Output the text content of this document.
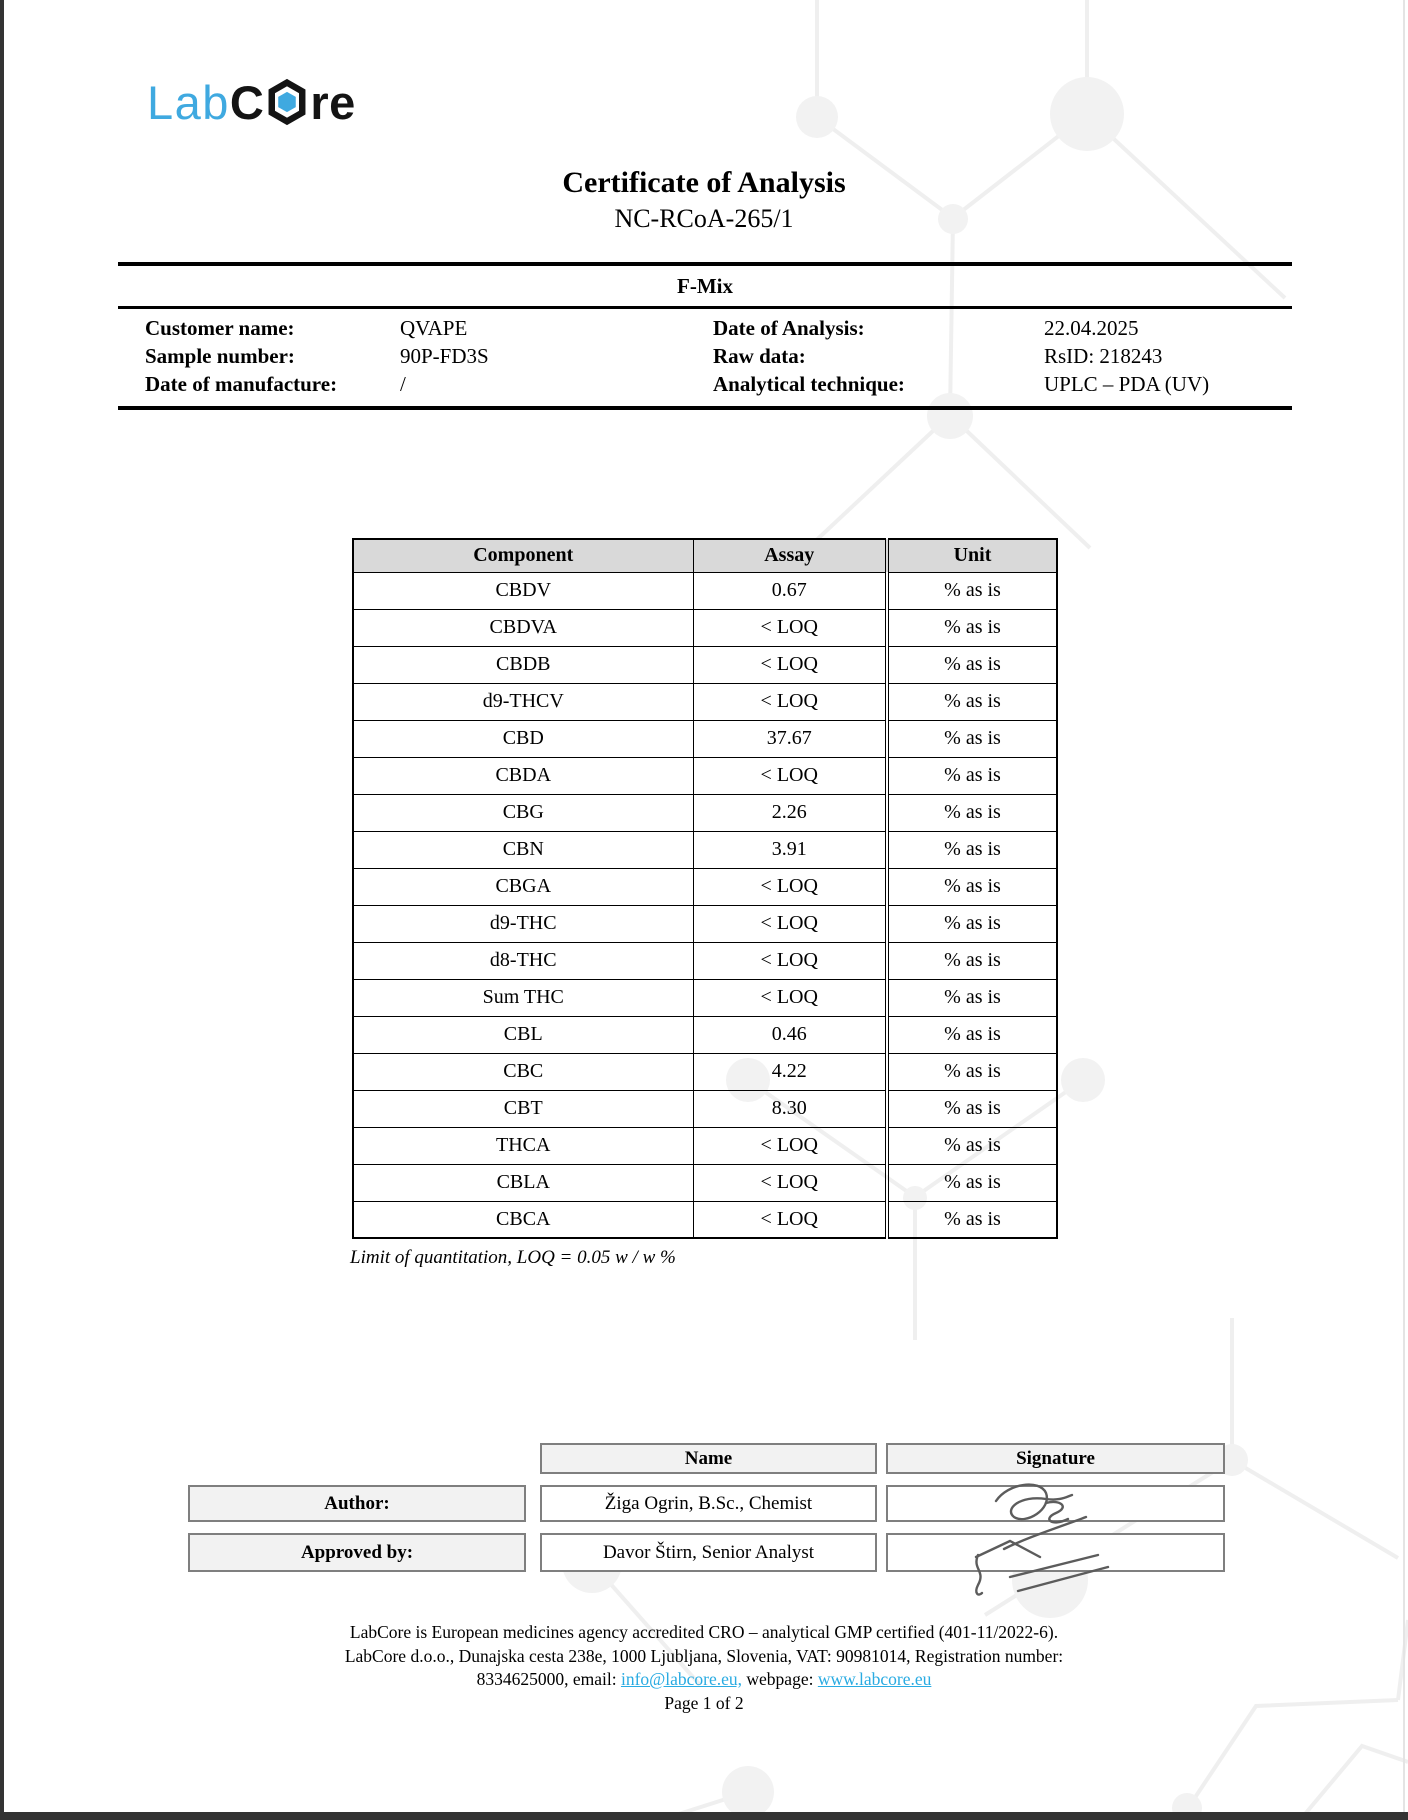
Lab C re
Certificate of Analysis
NC-RCoA-265/1
F-Mix
Customer name:	QVAPE	Date of Analysis:	22.04.2025
Sample number:	90P-FD3S	Raw data:	RsID: 218243
Date of manufacture:	/	Analytical technique:	UPLC – PDA (UV)
Component	Assay	Unit
CBDV	0.67	% as is
CBDVA	< LOQ	% as is
CBDB	< LOQ	% as is
d9-THCV	< LOQ	% as is
CBD	37.67	% as is
CBDA	< LOQ	% as is
CBG	2.26	% as is
CBN	3.91	% as is
CBGA	< LOQ	% as is
d9-THC	< LOQ	% as is
d8-THC	< LOQ	% as is
Sum THC	< LOQ	% as is
CBL	0.46	% as is
CBC	4.22	% as is
CBT	8.30	% as is
THCA	< LOQ	% as is
CBLA	< LOQ	% as is
CBCA	< LOQ	% as is
Limit of quantitation, LOQ = 0.05 w / w %
Name	Signature
Author:	Žiga Ogrin, B.Sc., Chemist
Approved by:	Davor Štirn, Senior Analyst
LabCore is European medicines agency accredited CRO – analytical GMP certified (401-11/2022-6).
LabCore d.o.o., Dunajska cesta 238e, 1000 Ljubljana, Slovenia, VAT: 90981014, Registration number:
8334625000, email: info@labcore.eu, webpage: www.labcore.eu
Page 1 of 2
